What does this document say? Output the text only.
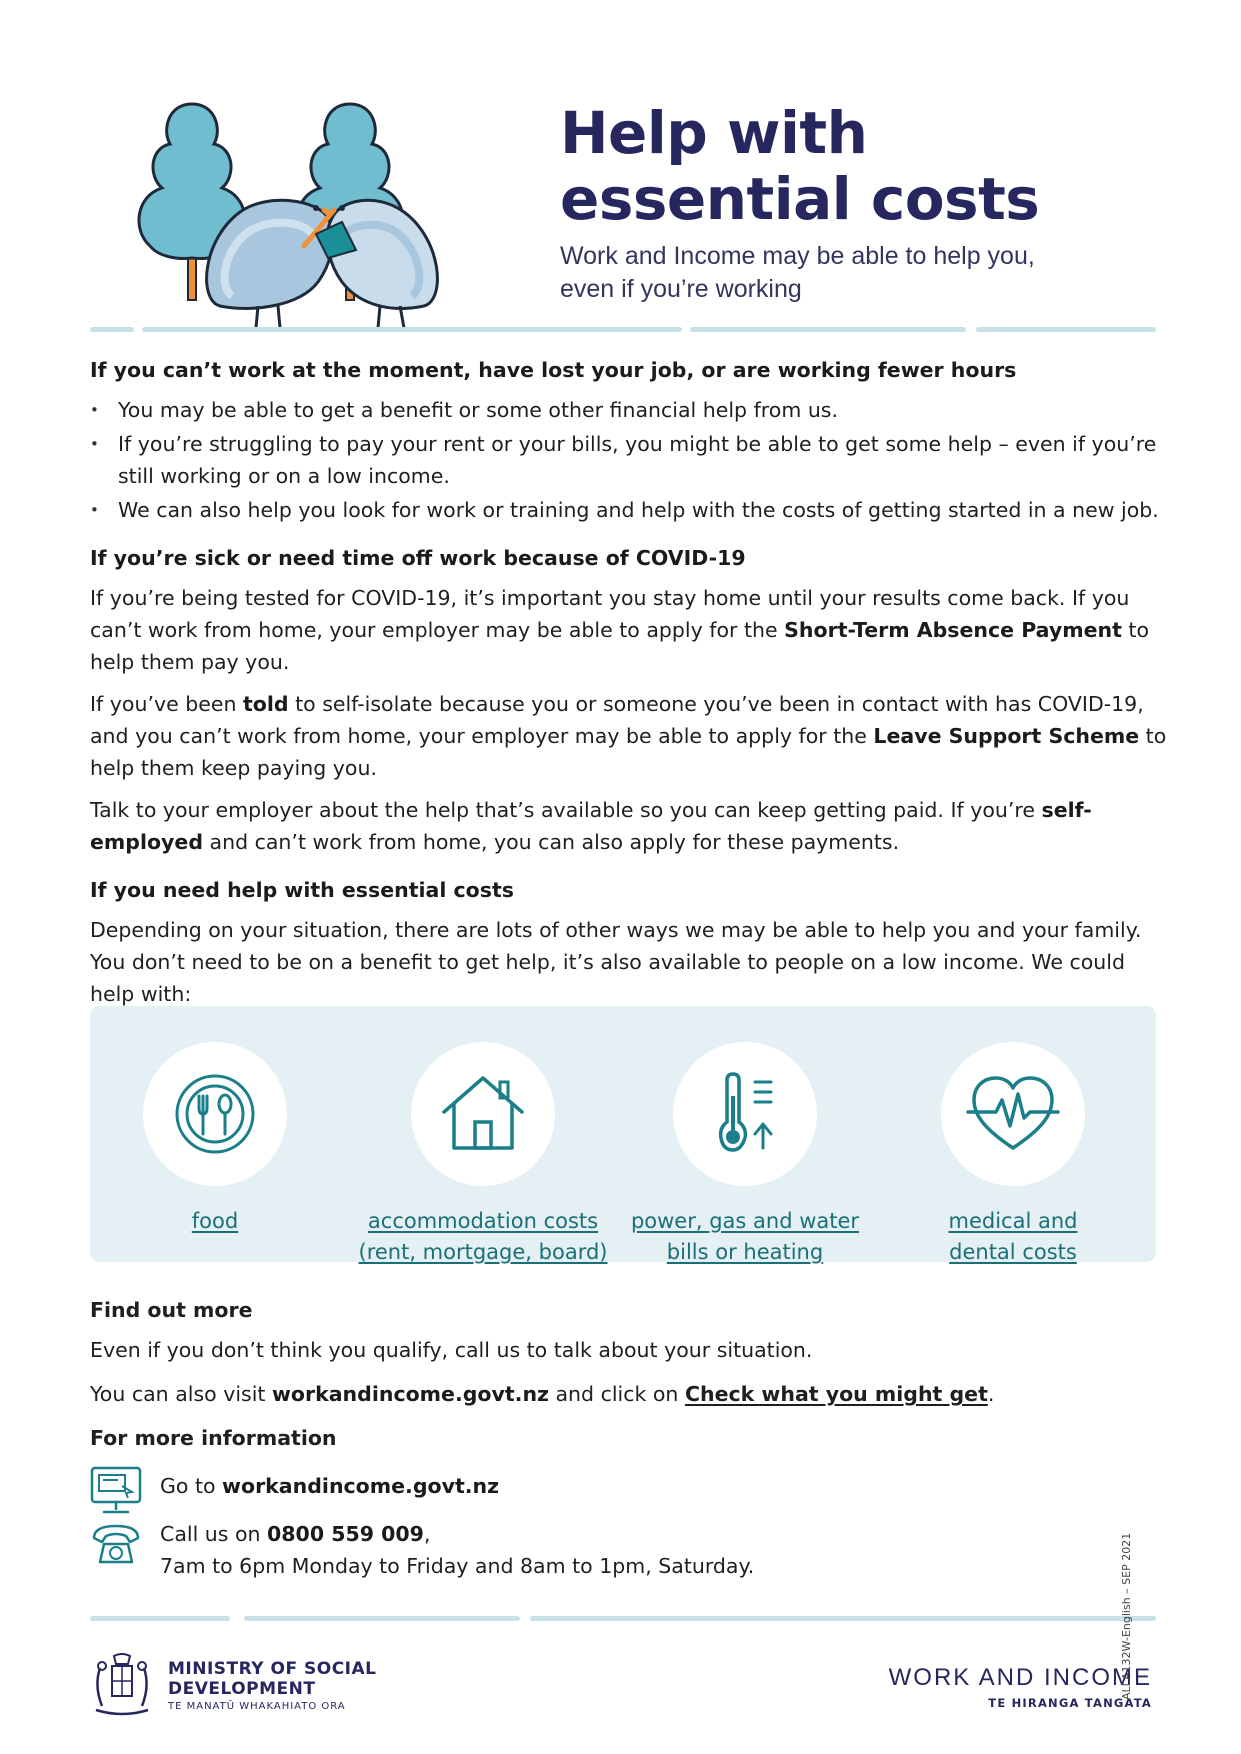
Help with
essential costs

Work and Income may be able to help you,
even if you’re working

If you can’t work at the moment, have lost your job, or are working fewer hours
• You may be able to get a benefit or some other financial help from us.
• If you’re struggling to pay your rent or your bills, you might be able to get some help – even if you’re still working or on a low income.
• We can also help you look for work or training and help with the costs of getting started in a new job.
If you’re sick or need time off work because of COVID-19

If you’re being tested for COVID-19, it’s important you stay home until your results come back. If you can’t work from home, your employer may be able to apply for the Short-Term Absence Payment to help them pay you.

If you’ve been told to self-isolate because you or someone you’ve been in contact with has COVID-19, and you can’t work from home, your employer may be able to apply for the Leave Support Scheme to help them keep paying you.

Talk to your employer about the help that’s available so you can keep getting paid. If you’re self-employed and can’t work from home, you can also apply for these payments.

If you need help with essential costs

Depending on your situation, there are lots of other ways we may be able to help you and your family. You don’t need to be on a benefit to get help, it’s also available to people on a low income. We could help with:

food	accommodation costs
(rent, mortgage, board)
power, gas and water
bills or heating
medical and
dental costs
Find out more

Even if you don’t think you qualify, call us to talk about your situation.

You can also visit workandincome.govt.nz and click on Check what you might get.

For more information
Go to workandincome.govt.nz
Call us on 0800 559 009,
7am to 6pm Monday to Friday and 8am to 1pm, Saturday.
MINISTRY OF SOCIAL
DEVELOPMENT
TE MANATŪ WHAKAHIATO ORA
WORK AND INCOME
TE HIRANGA TANGATA
ALLA132W-English – SEP 2021
